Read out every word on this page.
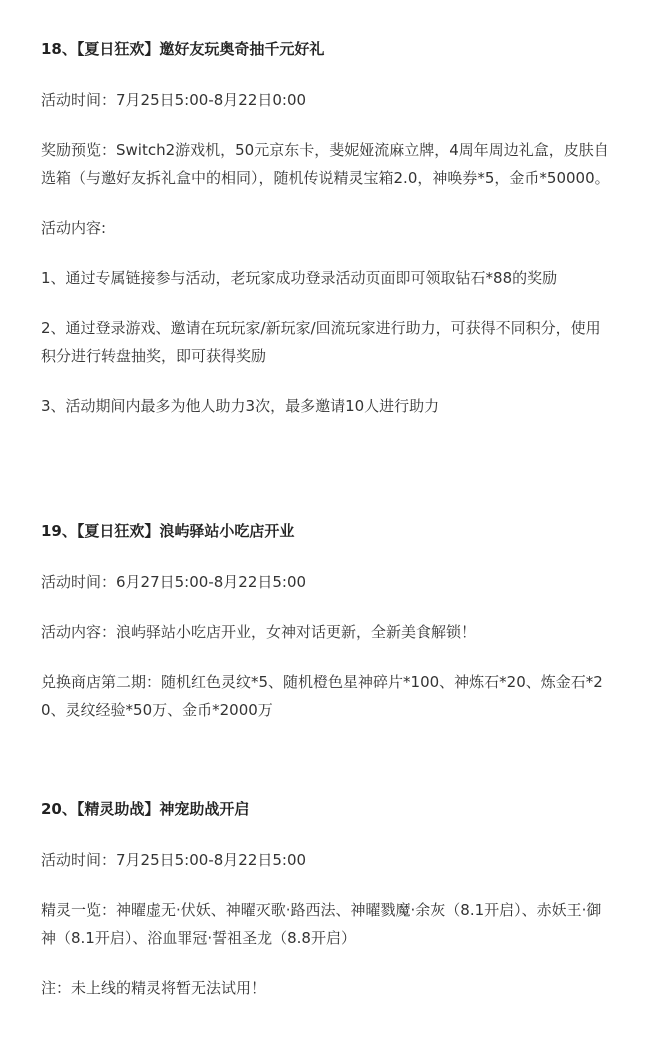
18、【夏日狂欢】邀好友玩奥奇抽千元好礼

活动时间：7月25日5:00-8月22日0:00

奖励预览：Switch2游戏机，50元京东卡，斐妮娅流麻立牌，4周年周边礼盒，皮肤自选箱（与邀好友拆礼盒中的相同），随机传说精灵宝箱2.0，神唤券*5，金币*50000。

活动内容:

1、通过专属链接参与活动，老玩家成功登录活动页面即可领取钻石*88的奖励

2、通过登录游戏、邀请在玩玩家/新玩家/回流玩家进行助力，可获得不同积分，使用积分进行转盘抽奖，即可获得奖励

3、活动期间内最多为他人助力3次，最多邀请10人进行助力

19、【夏日狂欢】浪屿驿站小吃店开业

活动时间：6月27日5:00-8月22日5:00

活动内容：浪屿驿站小吃店开业，女神对话更新，全新美食解锁！

兑换商店第二期：随机红色灵纹*5、随机橙色星神碎片*100、神炼石*20、炼金石*20、灵纹经验*50万、金币*2000万

20、【精灵助战】神宠助战开启

活动时间：7月25日5:00-8月22日5:00

精灵一览：神曜虚无·伏妖、神曜灭歌·路西法、神曜戮魔·余灰（8.1开启）、赤妖王·御神（8.1开启）、浴血罪冠·誓祖圣龙（8.8开启）

注：未上线的精灵将暂无法试用！
